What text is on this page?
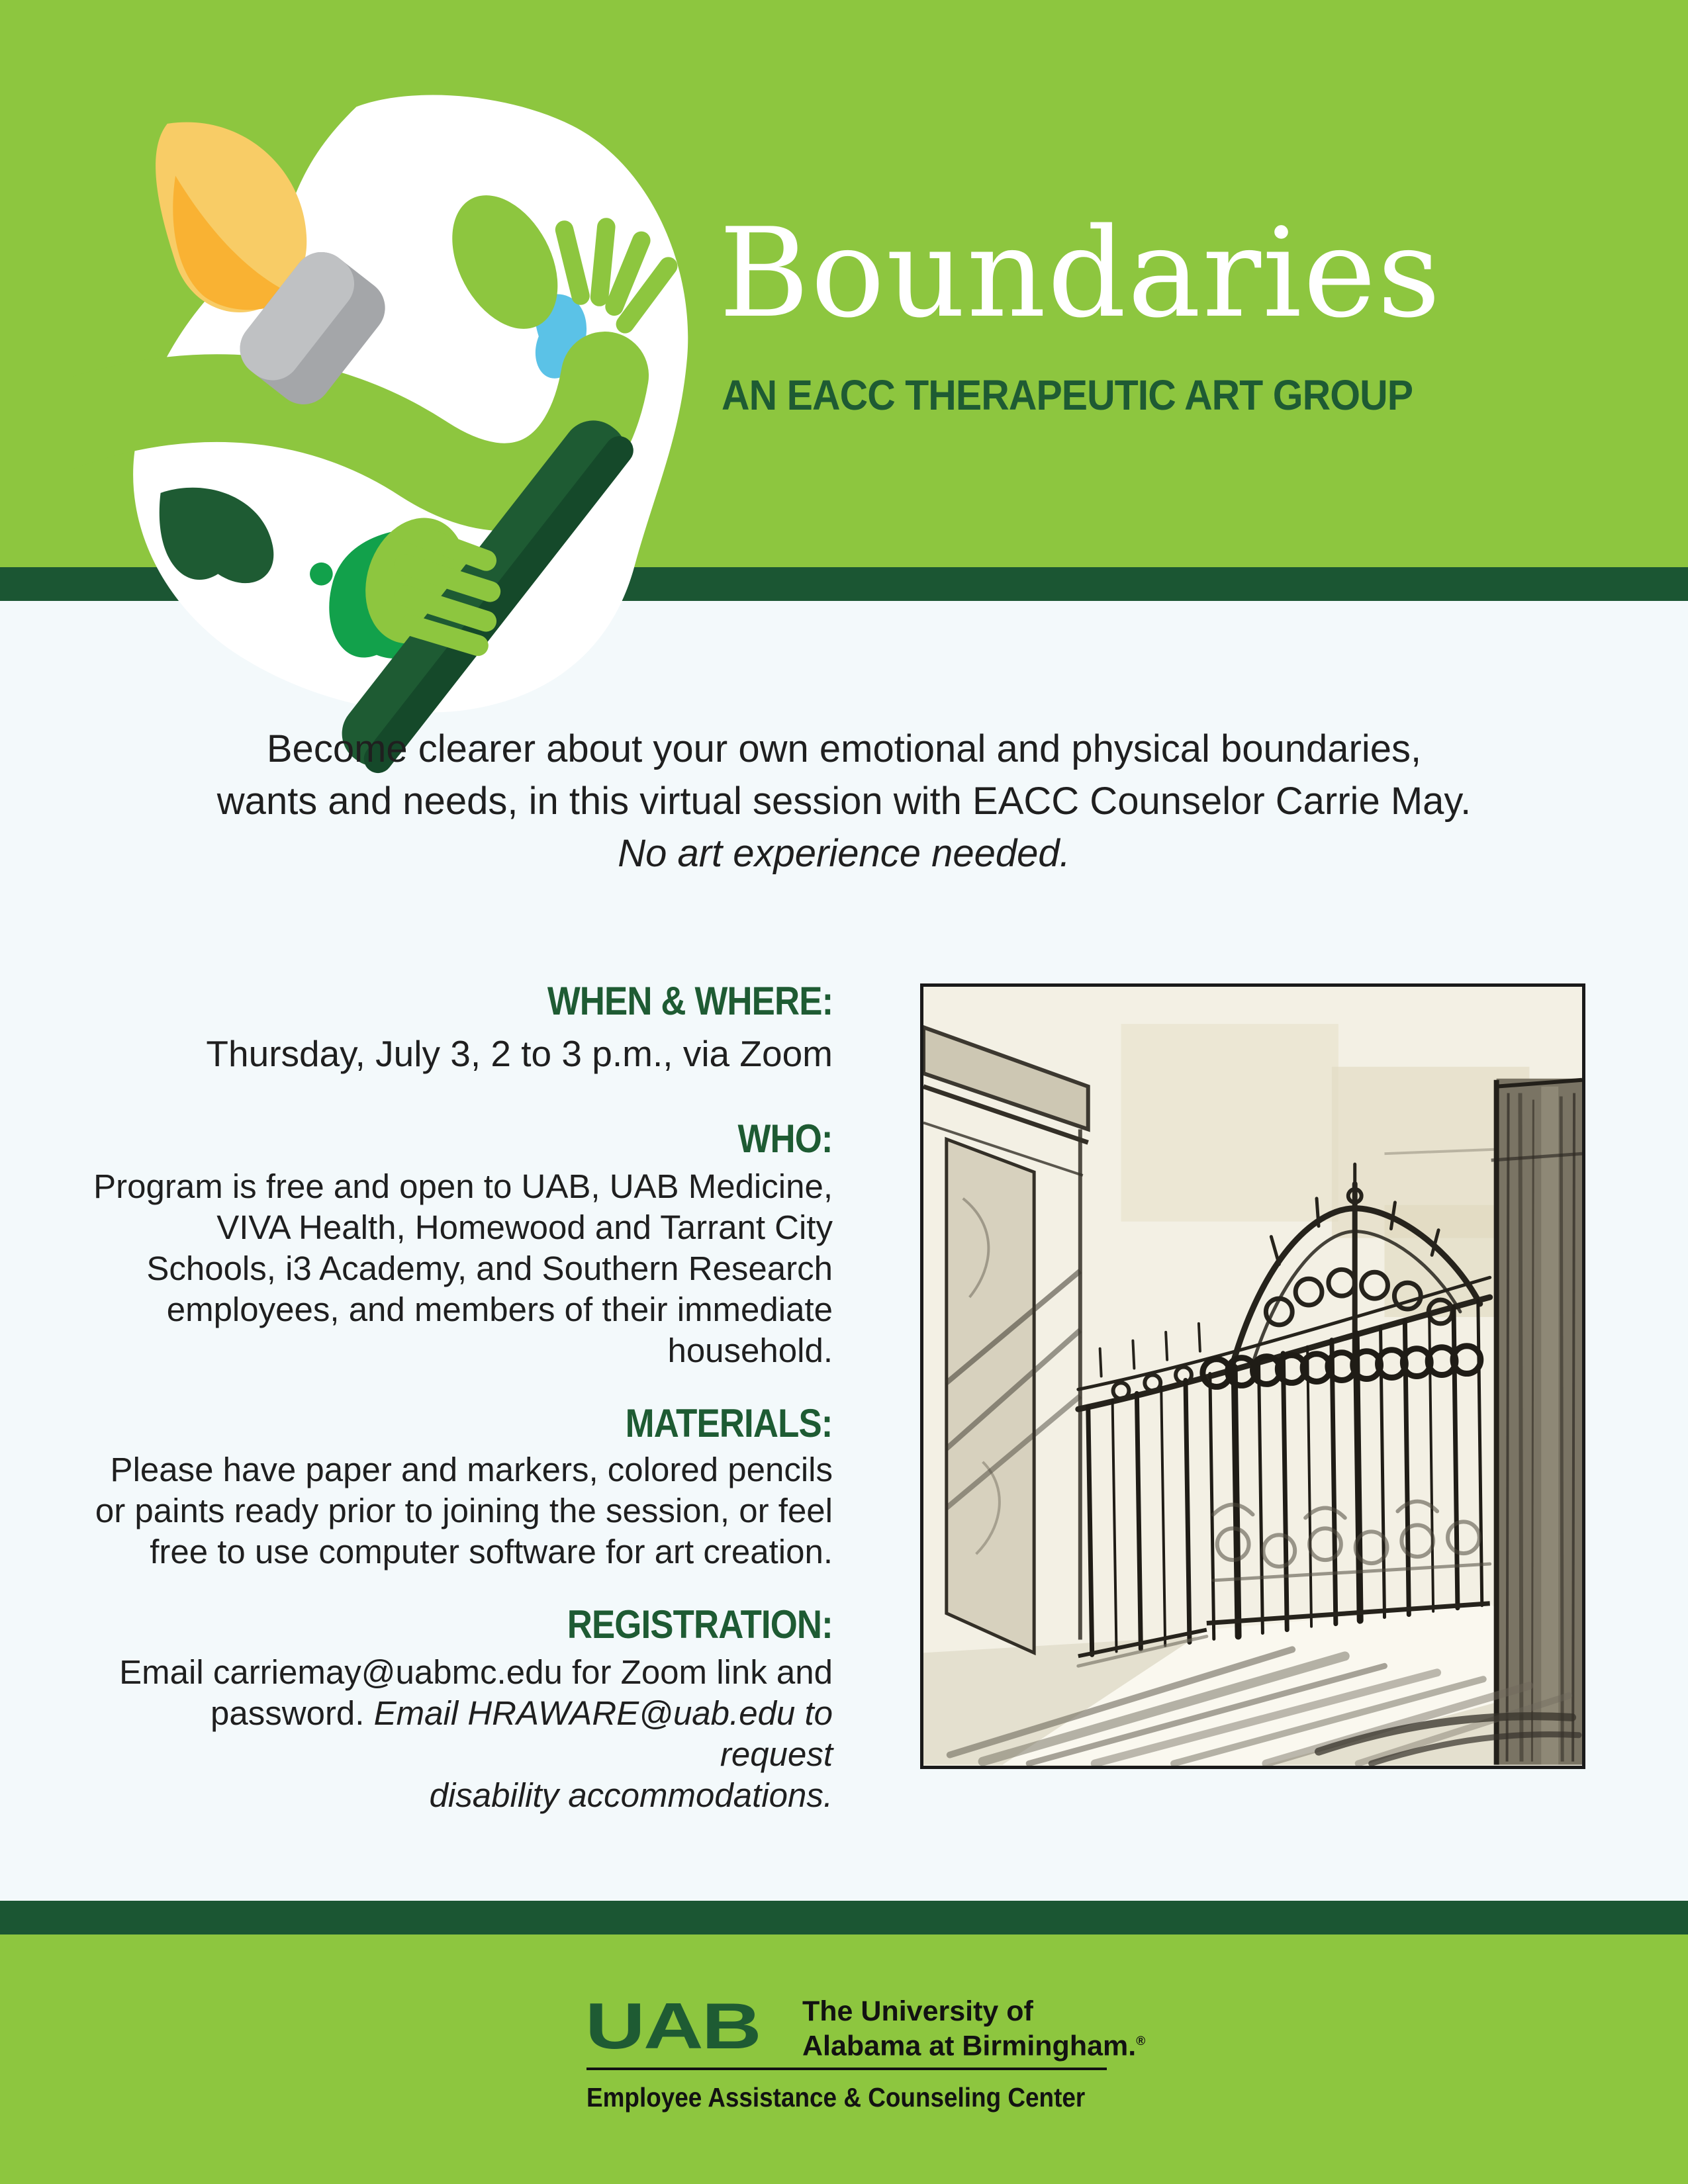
Boundaries
AN EACC THERAPEUTIC ART GROUP
Become clearer about your own emotional and physical boundaries,
wants and needs, in this virtual session with EACC Counselor Carrie May.
No art experience needed.
WHEN & WHERE:
Thursday, July 3, 2 to 3 p.m., via Zoom
WHO:
Program is free and open to UAB, UAB Medicine,
VIVA Health, Homewood and Tarrant City
Schools, i3 Academy, and Southern Research
employees, and members of their immediate
household.
MATERIALS:
Please have paper and markers, colored pencils
or paints ready prior to joining the session, or feel
free to use computer software for art creation.
REGISTRATION:
Email carriemay@uabmc.edu for Zoom link and
password. Email HRAWARE@uab.edu to request
disability accommodations.
UAB The University of
Alabama at Birmingham.®
Employee Assistance & Counseling Center
